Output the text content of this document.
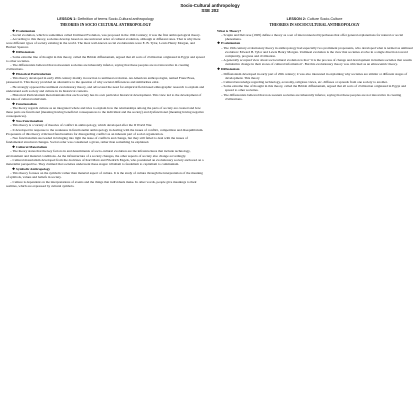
Socio-Cultural anthropology
SSE 202
LESSON 1: Definition of terms Socio-Cultural anthropology
THEORIES IN SOCIO CULTURAL ANTHROPOLOGY
❖Evolutionism
– Social evolution, which is sometimes called Unilineal Evolution, was proposed in the 19th Century; it was the first anthropological theory.
– According to this theory, societies develop based on one universal order of cultural evolution, although at different rates. That is why there were different types of society existing in the world. The most well-known social evolutionists were E. B. Tylor, Lewis Henry Morgan, and Herbert Spencer.
❖Diffusionism
– Some extreme line of thought in this theory, called the British diffusionism, argued that all sorts of civilization originated in Egypt and spread to other societies.
– The diffusionists believed that nonwestern societies are inherently inferior, saying that these peoples are not innovative in creating civilizations.
❖Historical Particularism
– This theory developed in early 20th century mainly in reaction to unilineal evolution. An American anthropologist, named Franz Boas, pioneered it. This theory provided an alternative to the question of why societal differences and similarities exist.
– He strongly opposed the unilineal evolutionary theory, and advocated the need for empirical field-based ethnographic research to explain and understand each society and culture in its historical contexts.
– Historical Particularism then maintains that each society has its own particular historical development. This view led to the development of the idea of cultural relativism.
❖Functionalism
– The theory regards culture as an integrated whole and tries to explain how the relationships among the parts of society are created and how these parts are functional (meaning having beneficial consequences to the individual and the society) and dysfunctional (meaning having negative consequences).
❖Neo Functionalism
– This theory is a variety of theories of conflict in anthropology, which developed after the II World War.
– It developed in response to the weakness in functionalist anthropology in dealing with the issues of conflict, competition and disequilibrium. Proponents of this theory criticized functionalists for disregarding conflict as an inherent part of social organization.
– Neo functionalists succeeded in bringing into light the issue of conflicts and change, but they still failed to deal with the issues of fundamental structural changes. Social order was considered a given, rather than something be explained.
❖Cultural Materialism
– The theory states that the key factors in and determinants of socio-cultural evolution are the infrastructures that include technology, environment and material conditions. As the infrastructure of a society changes, the other aspects of society also change accordingly.
– Cultural materialism developed from the doctrines of Karl Marx and Friedrich Engels, who postulated an evolutionary society anchored on a materialist perspective. They claimed that societies underwent these stages: tribalism to feudalism to capitalism to communism.
❖Symbolic Anthropology
– This theory focuses on the symbolic rather than material aspect of culture. It is the study of culture through the interpretation of the meaning of symbols, values and beliefs in society.
– Culture is dependent on the interpretations of events and the things that individuals make. In other words, people give meanings to their realities, which are expressed by cultural symbols.
LESSON 2: Culture Socio-Culture
THEORIES IN SOCIOCULTURAL ANTHROPOLOGY
What is Theory?
– Scupin and DeCorse (1995) define a theory as a set of interconnected hypotheses that offer general explanations for natural or social phenomena.
❖Evolutionism
– The 19th century evolutionary theory in anthropology had especially two prominent proponents, who developed what is termed as unilineal evolution: Edward B. Tylor and Lewis Henry Morgan. Unilineal evolution is the view that societies evolve in a single direction toward complexity, progress and civilization.
– A generally accepted view about sociocultural evolution is that "it is the process of change and development in human societies that results cumulative change in their stores of cultural information". But this evolutionary theory was criticized as an ethnocentric theory.
❖Diffusionism
– Diffusionism developed in early part of 20th century; it was also interested in explaining why societies are similar or different stages of development. This theory
– Cultural knowledge regarding technology, economy, religious views, etc. diffuses or spreads from one society to another.
– Some extreme line of thought in this theory, called the British diffusionism, argued that all sorts of civilization originated in Egypt and spread to other societies.
– The diffusionists believed that non-western societies are inherently inferior, saying that these peoples are not innovative in creating civilizations.
